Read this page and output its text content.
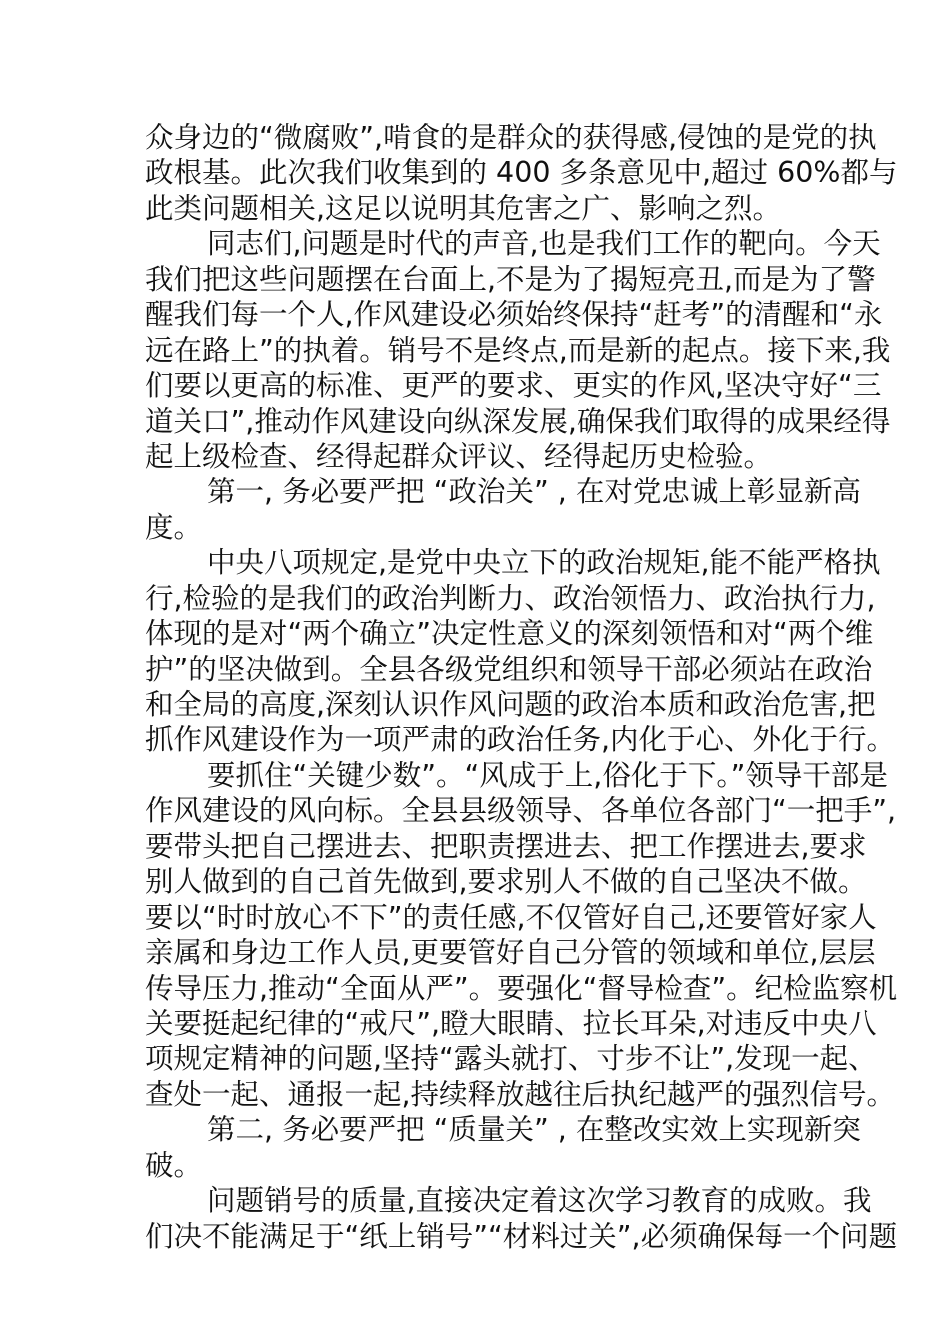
众身边的“微腐败”,啃食的是群众的获得感,侵蚀的是党的执
政根基。此次我们收集到的 400 多条意见中,超过 60%都与
此类问题相关,这足以说明其危害之广、影响之烈。
同志们,问题是时代的声音,也是我们工作的靶向。今天
我们把这些问题摆在台面上,不是为了揭短亮丑,而是为了警
醒我们每一个人,作风建设必须始终保持“赶考”的清醒和“永
远在路上”的执着。销号不是终点,而是新的起点。接下来,我
们要以更高的标准、更严的要求、更实的作风,坚决守好“三
道关口”,推动作风建设向纵深发展,确保我们取得的成果经得
起上级检查、经得起群众评议、经得起历史检验。
第一, 务必要严把 “政治关” , 在对党忠诚上彰显新高
度。
中央八项规定,是党中央立下的政治规矩,能不能严格执
行,检验的是我们的政治判断力、政治领悟力、政治执行力,
体现的是对“两个确立”决定性意义的深刻领悟和对“两个维
护”的坚决做到。全县各级党组织和领导干部必须站在政治
和全局的高度,深刻认识作风问题的政治本质和政治危害,把
抓作风建设作为一项严肃的政治任务,内化于心、外化于行。
要抓住“关键少数”。“风成于上,俗化于下。”领导干部是
作风建设的风向标。全县县级领导、各单位各部门“一把手”,
要带头把自己摆进去、把职责摆进去、把工作摆进去,要求
别人做到的自己首先做到,要求别人不做的自己坚决不做。
要以“时时放心不下”的责任感,不仅管好自己,还要管好家人
亲属和身边工作人员,更要管好自己分管的领域和单位,层层
传导压力,推动“全面从严”。要强化“督导检查”。纪检监察机
关要挺起纪律的“戒尺”,瞪大眼睛、拉长耳朵,对违反中央八
项规定精神的问题,坚持“露头就打、寸步不让”,发现一起、
查处一起、通报一起,持续释放越往后执纪越严的强烈信号。
第二, 务必要严把 “质量关” , 在整改实效上实现新突
破。
问题销号的质量,直接决定着这次学习教育的成败。我
们决不能满足于“纸上销号”“材料过关”,必须确保每一个问题
